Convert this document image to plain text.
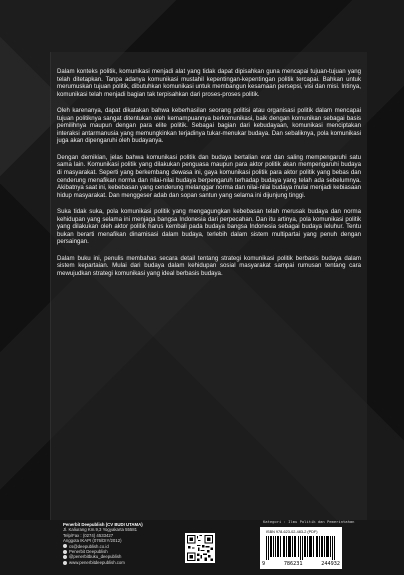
Dalam konteks politik, komunikasi menjadi alat yang tidak dapat dipisahkan guna mencapai tujuan-tujuan yang telah ditetapkan. Tanpa adanya komunikasi mustahil kepentingan-kepentingan politik tercapai. Bahkan untuk merumuskan tujuan politik, dibutuhkan komunikasi untuk membangun kesamaan persepsi, visi dan misi. Intinya, komunikasi telah menjadi bagian tak terpisahkan dari proses-proses politik.

Oleh karenanya, dapat dikatakan bahwa keberhasilan seorang politisi atau organisasi politik dalam mencapai tujuan politiknya sangat ditentukan oleh kemampuannya berkomunikasi, baik dengan komunikan sebagai basis pemilihnya maupun dengan para elite politik. Sebagai bagian dari kebudayaan, komunikasi menciptakan interaksi antarmanusia yang memungkinkan terjadinya tukar-menukar budaya. Dan sebaliknya, pola komunikasi juga akan dipengaruhi oleh budayanya.

Dengan demikian, jelas bahwa komunikasi politik dan budaya bertalian erat dan saling mempengaruhi satu sama lain. Komunikasi politik yang dilakukan penguasa maupun para aktor politik akan mempengaruhi budaya di masyarakat. Seperti yang berkembang dewasa ini, gaya komunikasi politik para aktor politik yang bebas dan cenderung menafikan norma dan nilai-nilai budaya berpengaruh terhadap budaya yang telah ada sebelumnya. Akibatnya saat ini, kebebasan yang cenderung melanggar norma dan nilai-nilai budaya mulai menjadi kebiasaan hidup masyarakat. Dan menggeser adab dan sopan santun yang selama ini dijunjung tinggi.

Suka tidak suka, pola komunikasi politik yang mengagungkan kebebasan telah merusak budaya dan norma kehidupan yang selama ini menjaga bangsa Indonesia dari perpecahan. Dan itu artinya, pola komunikasi politik yang dilakukan oleh aktor politik harus kembali pada budaya bangsa Indonesia sebagai budaya leluhur. Tentu bukan berarti menafikan dinamisasi dalam budaya, terlebih dalam sistem multipartai yang penuh dengan persaingan.

Dalam buku ini, penulis membahas secara detail tentang strategi komunikasi politik berbasis budaya dalam sistem kepartaian. Mulai dari budaya dalam kehidupan sosial masyarakat sampai rumusan tentang cara mewujudkan strategi komunikasi yang ideal berbasis budaya.

Penerbit Deepublish (CV BUDI UTAMA)
Jl. Kaliurang Km.9,3 Yogyakarta 55581
Telp/Fax : (0274) 4533427
Anggota IKAPI (076/DIY/2012)
cs@deepublish.co.id
Penerbit Deepublish
@penerbitbuku_deepublish
www.penerbitdeepublish.com
Kategori : Ilmu Politik dan Pemerintahan
ISBN 978-623-02-483-2 (PDF)
9	786231	244932
